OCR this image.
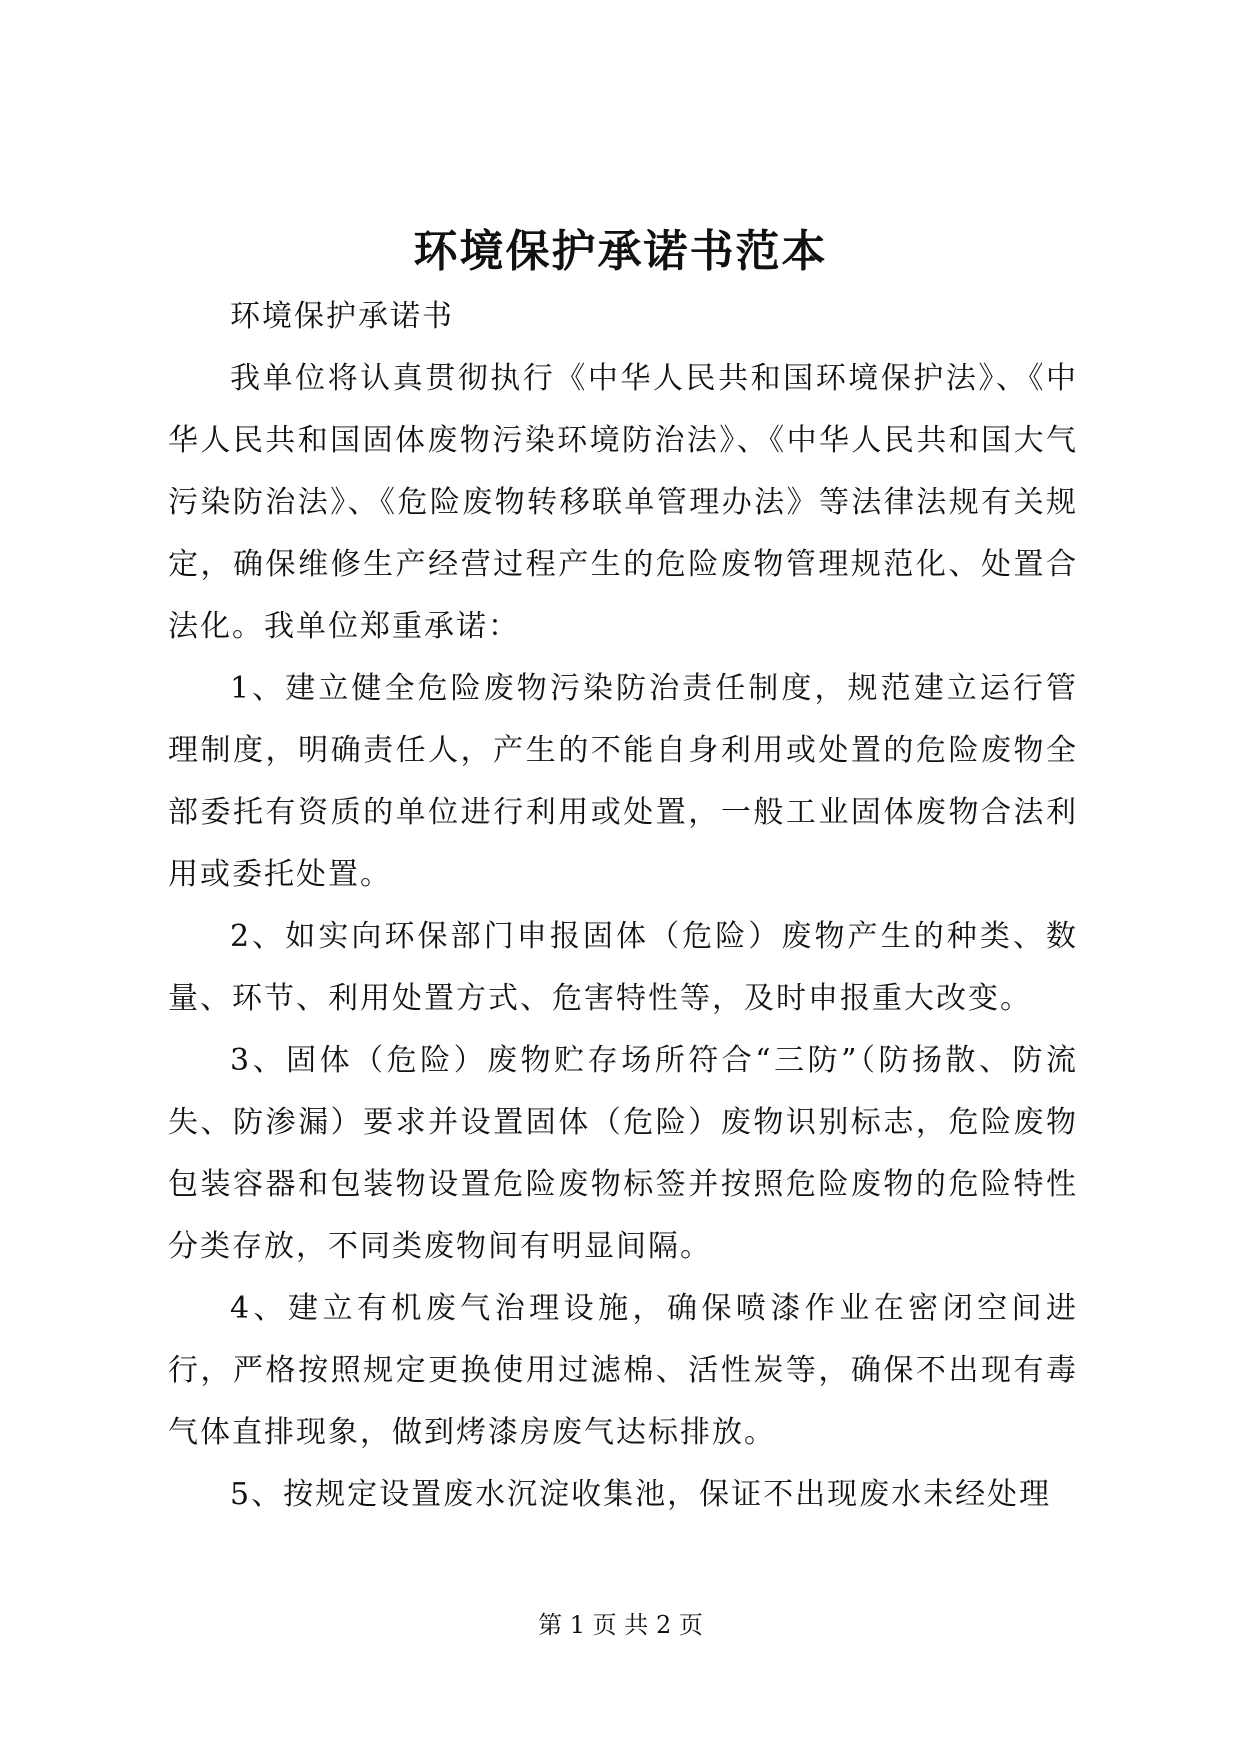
环境保护承诺书范本

环境保护承诺书

我单位将认真贯彻执行《中华人民共和国环境保护法》、《中华人民共和国固体废物污染环境防治法》、《中华人民共和国大气污染防治法》、《危险废物转移联单管理办法》等法律法规有关规定，确保维修生产经营过程产生的危险废物管理规范化、处置合法化。我单位郑重承诺：

1、建立健全危险废物污染防治责任制度，规范建立运行管理制度，明确责任人，产生的不能自身利用或处置的危险废物全部委托有资质的单位进行利用或处置，一般工业固体废物合法利用或委托处置。

2、如实向环保部门申报固体（危险）废物产生的种类、数量、环节、利用处置方式、危害特性等，及时申报重大改变。

3、固体（危险）废物贮存场所符合“三防”（防扬散、防流失、防渗漏）要求并设置固体（危险）废物识别标志，危险废物包装容器和包装物设置危险废物标签并按照危险废物的危险特性分类存放，不同类废物间有明显间隔。

4、建立有机废气治理设施，确保喷漆作业在密闭空间进行，严格按照规定更换使用过滤棉、活性炭等，确保不出现有毒气体直排现象，做到烤漆房废气达标排放。

5、按规定设置废水沉淀收集池，保证不出现废水未经处理

第 1 页 共 2 页
